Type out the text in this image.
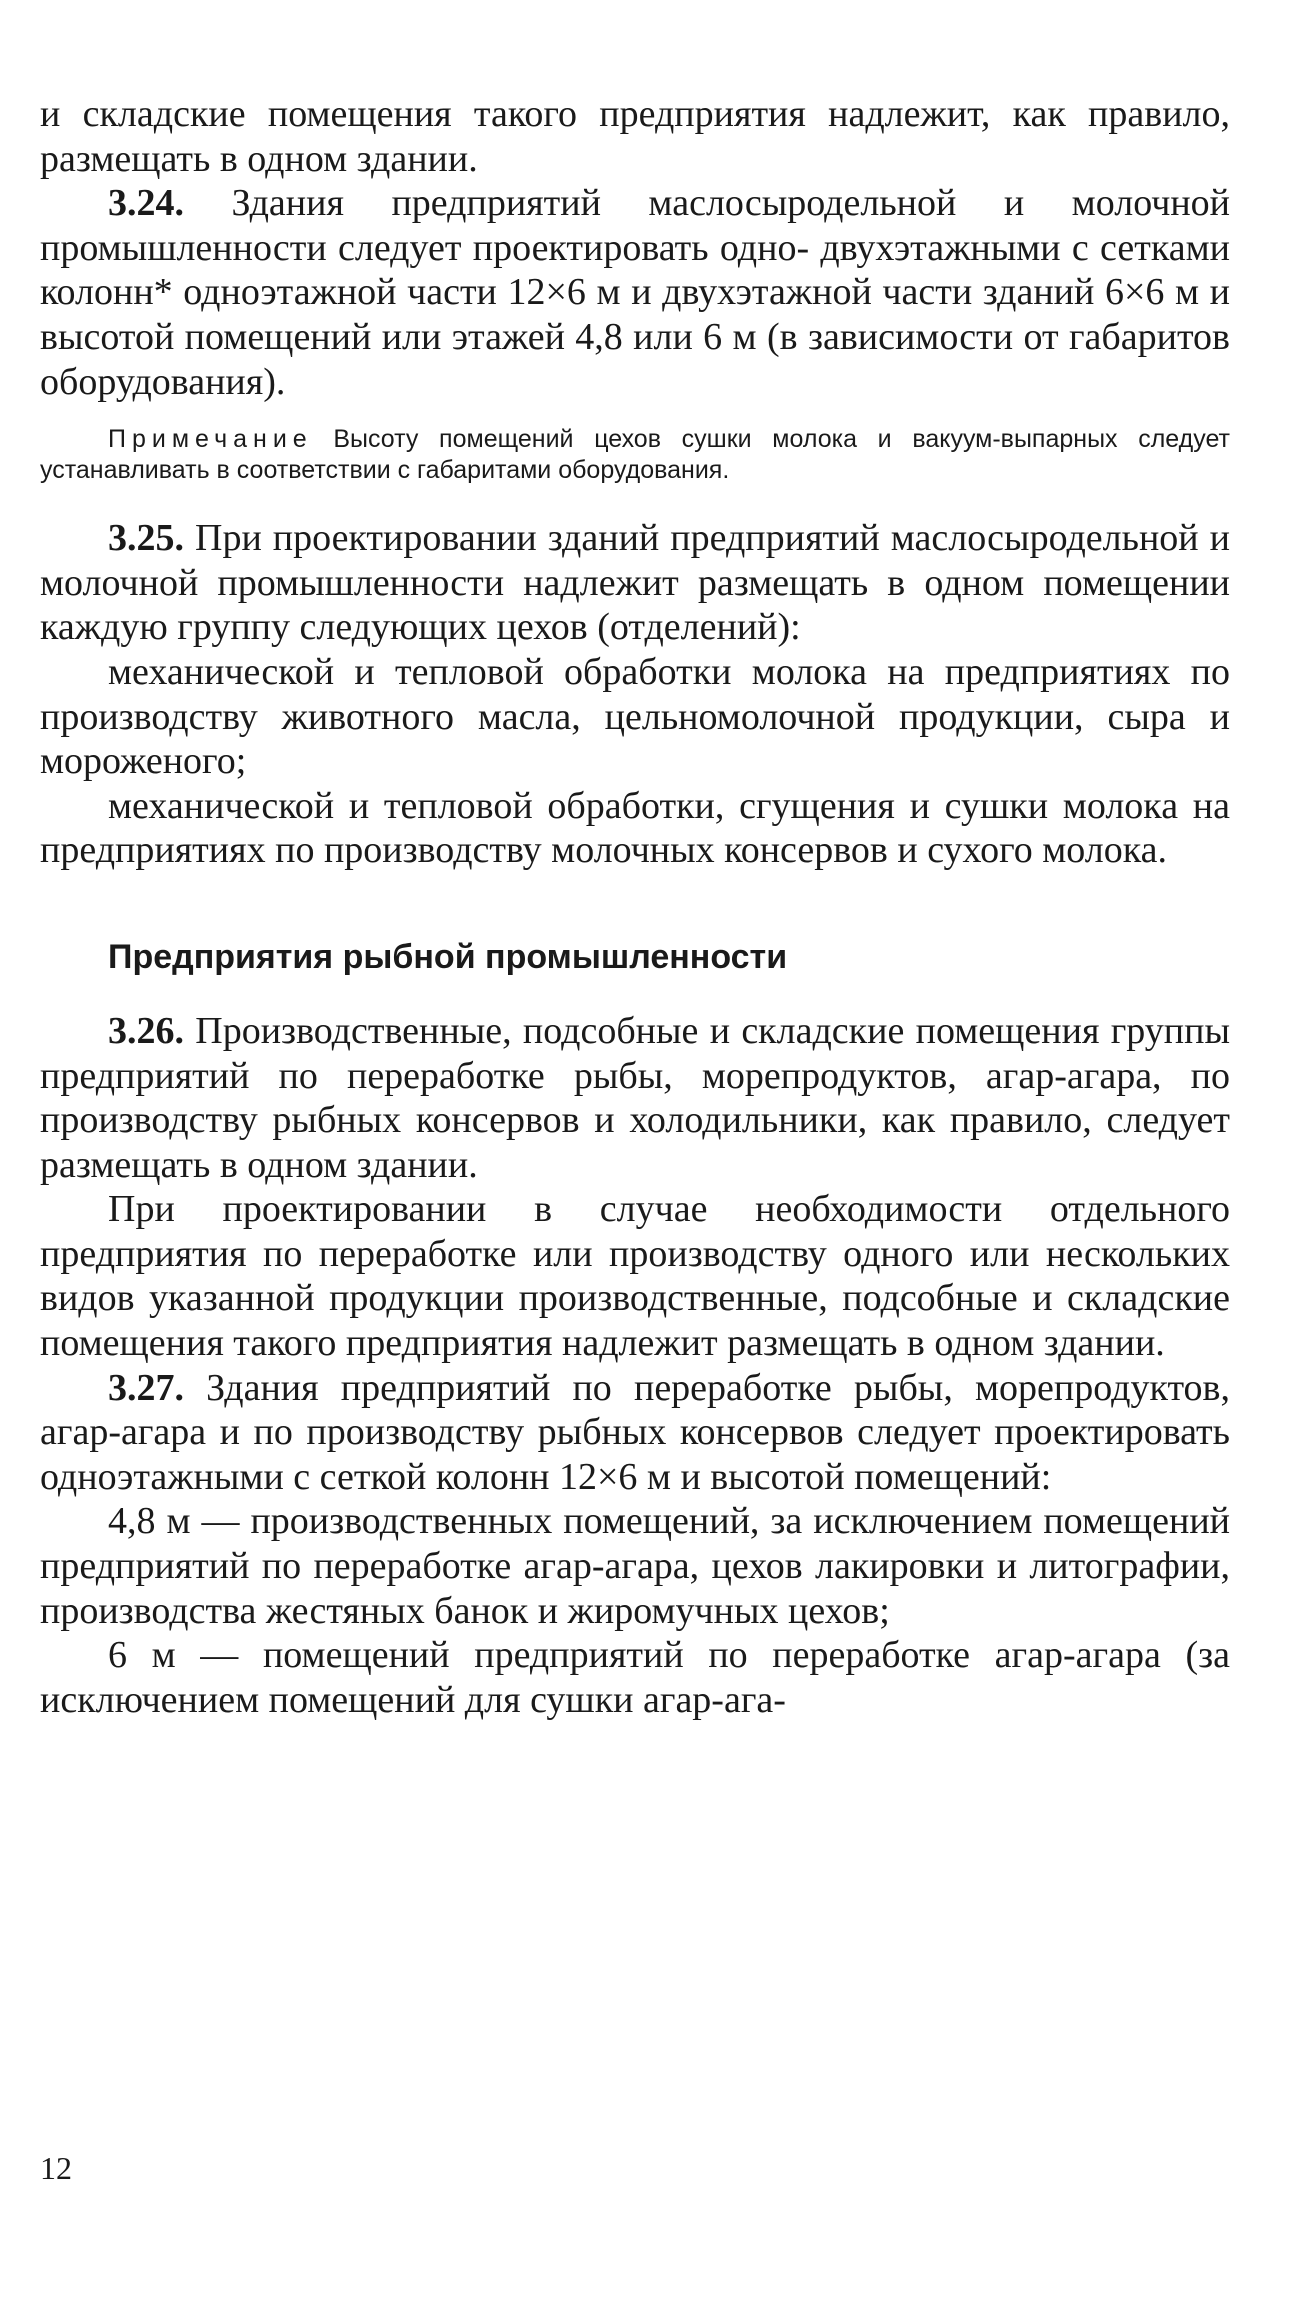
и складские помещения такого предприятия надлежит, как правило, размещать в одном здании.

3.24. Здания предприятий маслосыродельной и молочной промышленности следует проектировать одно- двухэтажными с сетками колонн* одноэтажной части 12×6 м и двухэтажной части зданий 6×6 м и высотой помещений или этажей 4,8 или 6 м (в зависимости от габаритов оборудования).

Примечание Высоту помещений цехов сушки молока и вакуум-выпарных следует устанавливать в соответствии с габаритами оборудования.

3.25. При проектировании зданий предприятий маслосыродельной и молочной промышленности надлежит размещать в одном помещении каждую группу следующих цехов (отделений):

механической и тепловой обработки молока на предприятиях по производству животного масла, цельномолочной продукции, сыра и мороженого;

механической и тепловой обработки, сгущения и сушки молока на предприятиях по производству молочных консервов и сухого молока.

Предприятия рыбной промышленности

3.26. Производственные, подсобные и складские помещения группы предприятий по переработке рыбы, морепродуктов, агар-агара, по производству рыбных консервов и холодильники, как правило, следует размещать в одном здании.

При проектировании в случае необходимости отдельного предприятия по переработке или производству одного или нескольких видов указанной продукции производственные, подсобные и складские помещения такого предприятия надлежит размещать в одном здании.

3.27. Здания предприятий по переработке рыбы, морепродуктов, агар-агара и по производству рыбных консервов следует проектировать одноэтажными с сеткой колонн 12×6 м и высотой помещений:

4,8 м — производственных помещений, за исключением помещений предприятий по переработке агар-агара, цехов лакировки и литографии, производства жестяных банок и жиромучных цехов;

6 м — помещений предприятий по переработке агар-агара (за исключением помещений для сушки агар-ага-

12
